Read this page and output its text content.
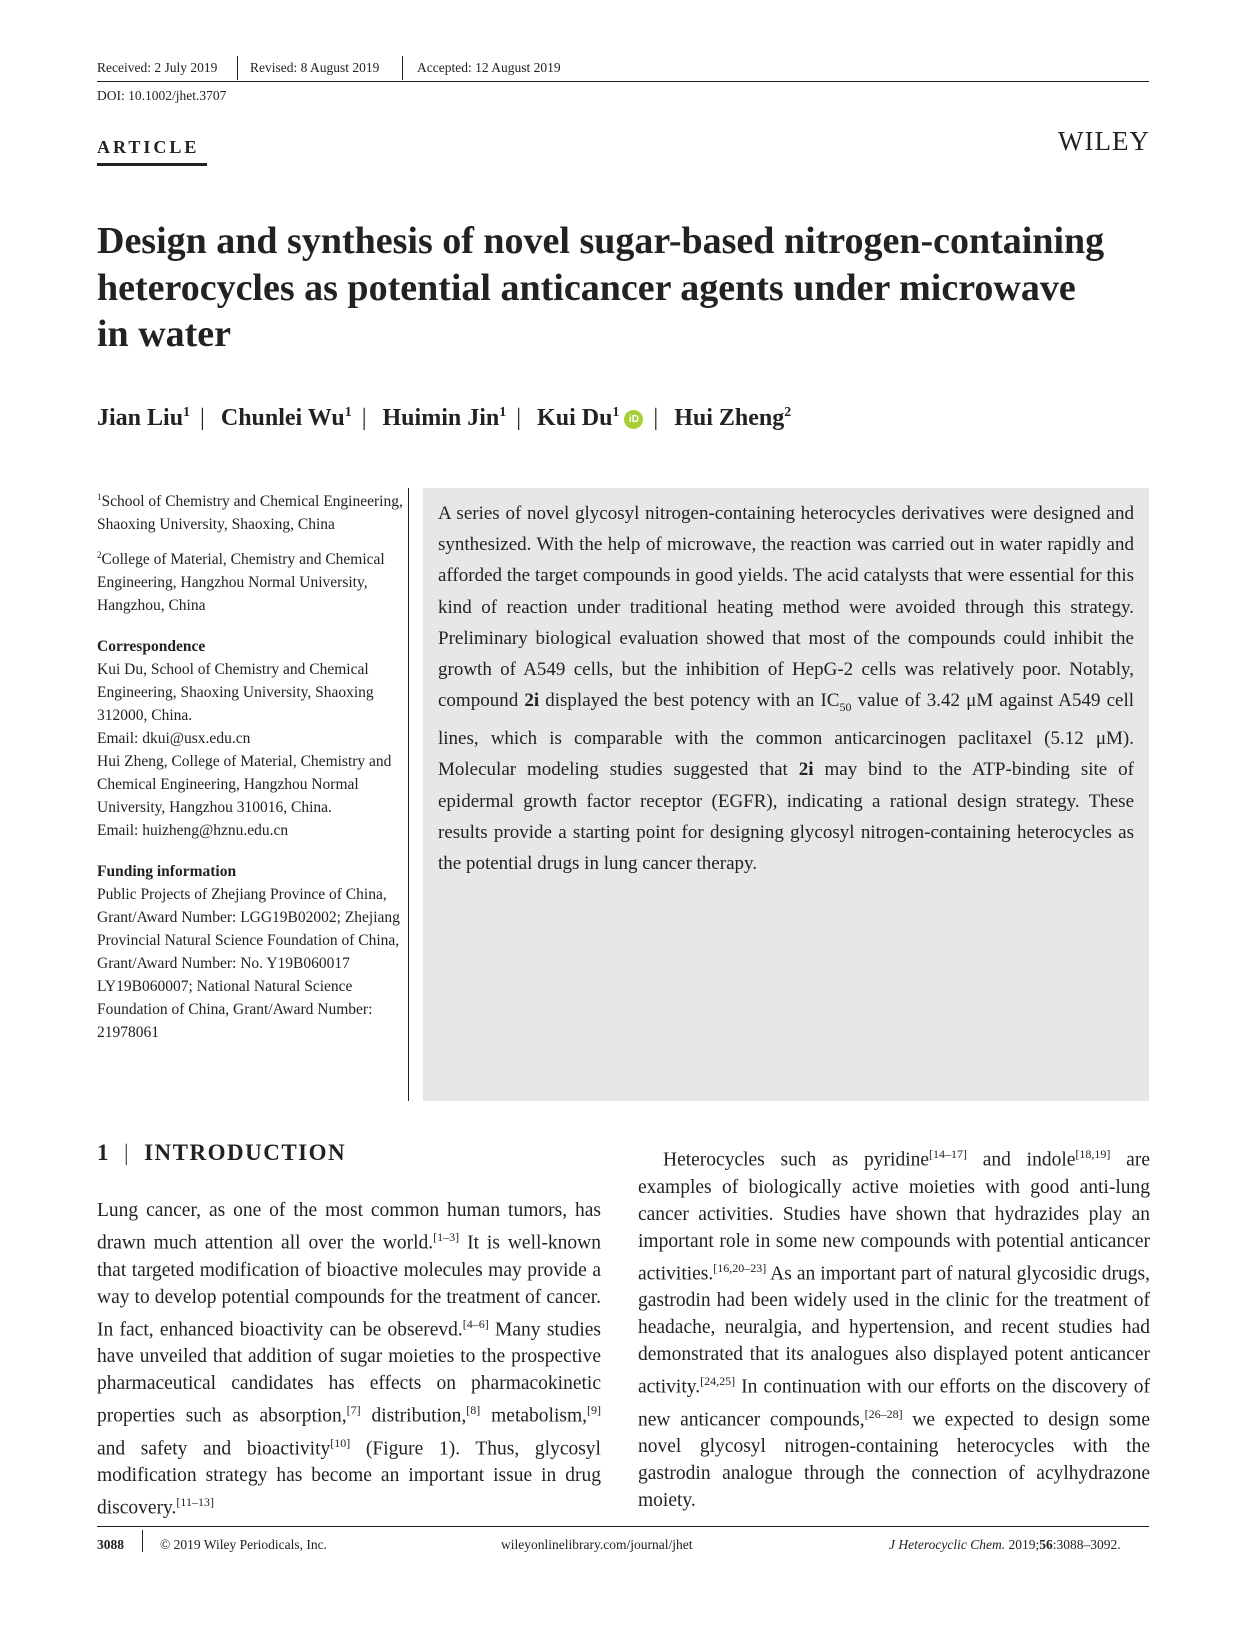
Received: 2 July 2019 Revised: 8 August 2019	Accepted: 12 August 2019
DOI: 10.1002/jhet.3707
ARTICLE	WILEY
Design and synthesis of novel sugar-based nitrogen-containing heterocycles as potential anticancer agents under microwave in water
Jian Liu$^1$ | Chunlei Wu$^1$ | Huimin Jin$^1$ | Kui Du$^1$ iD | Hui Zheng$^2$

$^1$School of Chemistry and Chemical Engineering, Shaoxing University, Shaoxing, China

$^2$College of Material, Chemistry and Chemical Engineering, Hangzhou Normal University, Hangzhou, China

Correspondence

Kui Du, School of Chemistry and Chemical Engineering, Shaoxing University, Shaoxing 312000, China.

Email: dkui@usx.edu.cn

Hui Zheng, College of Material, Chemistry and Chemical Engineering, Hangzhou Normal University, Hangzhou 310016, China.

Email: huizheng@hznu.edu.cn

Funding information

Public Projects of Zhejiang Province of China, Grant/Award Number: LGG19B02002; Zhejiang Provincial Natural Science Foundation of China, Grant/Award Number: No. Y19B060017 LY19B060007; National Natural Science Foundation of China, Grant/Award Number: 21978061

A series of novel glycosyl nitrogen-containing heterocycles derivatives were designed and synthesized. With the help of microwave, the reaction was carried out in water rapidly and afforded the target compounds in good yields. The acid catalysts that were essential for this kind of reaction under traditional heating method were avoided through this strategy. Preliminary biological evaluation showed that most of the compounds could inhibit the growth of A549 cells, but the inhibition of HepG-2 cells was relatively poor. Notably, compound 2i displayed the best potency with an $IC_{50}$ value of 3.42 μM against A549 cell lines, which is comparable with the common anticarcinogen paclitaxel (5.12 μM). Molecular modeling studies suggested that 2i may bind to the ATP-binding site of epidermal growth factor receptor (EGFR), indicating a rational design strategy. These results provide a starting point for designing glycosyl nitrogen-containing heterocycles as the potential drugs in lung cancer therapy.
1 | INTRODUCTION

Lung cancer, as one of the most common human tumors, has drawn much attention all over the world.[1–3] It is well-known that targeted modification of bioactive molecules may provide a way to develop potential compounds for the treatment of cancer. In fact, enhanced bioactivity can be obserevd.[4–6] Many studies have unveiled that addition of sugar moieties to the prospective pharmaceutical candidates has effects on pharmacokinetic properties such as absorption,[7] distribution,[8] metabolism,[9] and safety and bioactivity[10] (Figure 1). Thus, glycosyl modification strategy has become an important issue in drug discovery.[11–13]

Heterocycles such as pyridine[14–17] and indole[18,19] are examples of biologically active moieties with good anti-lung cancer activities. Studies have shown that hydrazides play an important role in some new compounds with potential anticancer activities.[16,20–23] As an important part of natural glycosidic drugs, gastrodin had been widely used in the clinic for the treatment of headache, neuralgia, and hypertension, and recent studies had demonstrated that its analogues also displayed potent anticancer activity.[24,25] In continuation with our efforts on the discovery of new anticancer compounds,[26–28] we expected to design some novel glycosyl nitrogen-containing heterocycles with the gastrodin analogue through the connection of acylhydrazone moiety.

3088	© 2019 Wiley Periodicals, Inc.	wileyonlinelibrary.com/journal/jhet	J Heterocyclic Chem. 2019;56:3088–3092.
